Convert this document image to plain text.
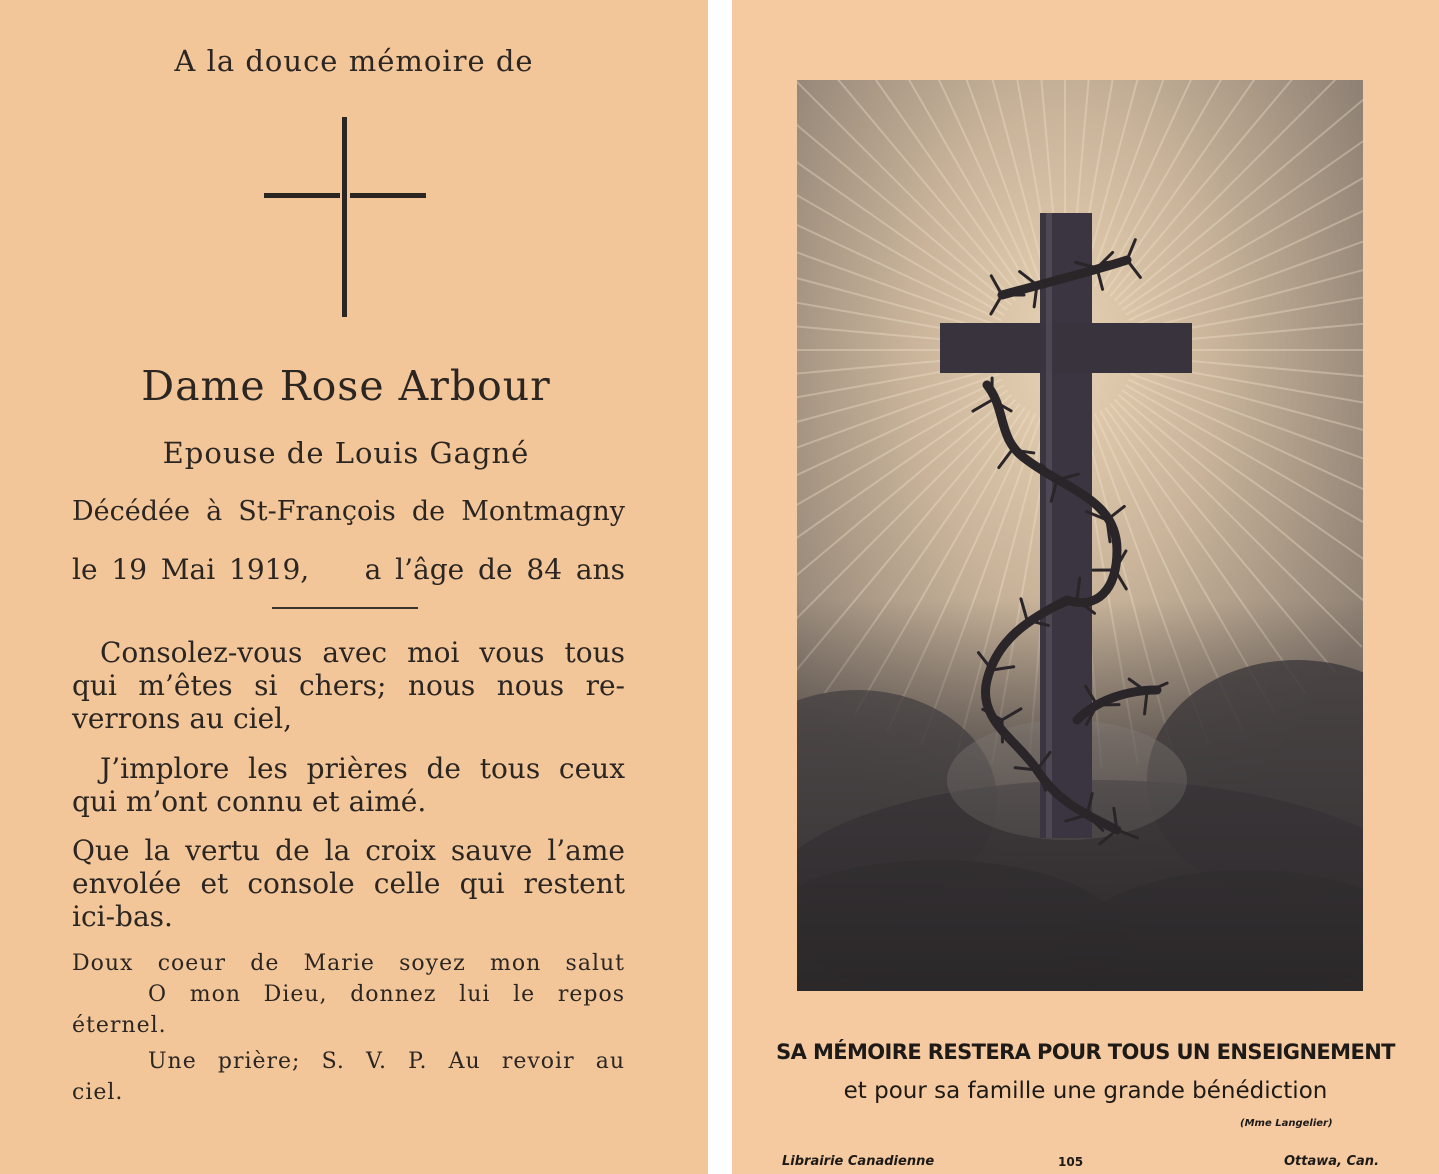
A la douce mémoire de
Dame Rose Arbour
Epouse de Louis Gagné
Décédée à St-François de Montmagny
le 19 Mai 1919,    a l’âge de 84 ans
Consolez-vous avec moi vous tous
qui m’êtes si chers; nous nous re-
verrons au ciel,
J’implore les prières de tous ceux
qui m’ont connu et aimé.
Que la vertu de la croix sauve l’ame
envolée et console celle qui restent
ici-bas.
Doux coeur de Marie soyez mon salut
O mon Dieu, donnez lui le repos
éternel.
Une prière; S. V. P. Au revoir au
ciel.
SA MÉMOIRE RESTERA POUR TOUS UN ENSEIGNEMENT
et pour sa famille une grande bénédiction
(Mme Langelier)
Librairie Canadienne	105	Ottawa, Can.
